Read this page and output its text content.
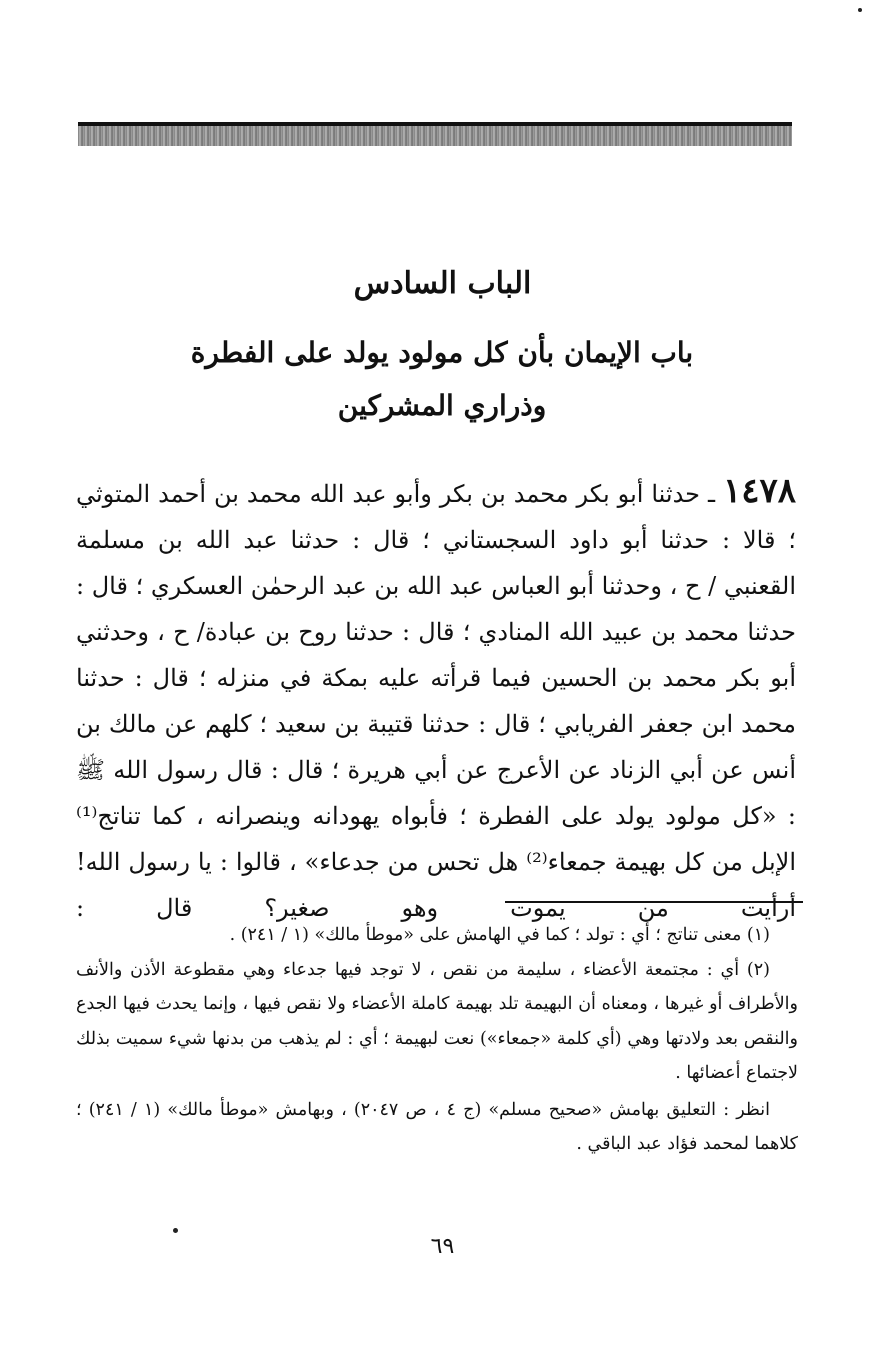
الباب السادس
باب الإيمان بأن كل مولود يولد على الفطرة
وذراري المشركين
١٤٧٨ ـ حدثنا أبو بكر محمد بن بكر وأبو عبد الله محمد بن أحمد المتوثي ؛ قالا : حدثنا أبو داود السجستاني ؛ قال : حدثنا عبد الله بن مسلمة القعنبي / ح ، وحدثنا أبو العباس عبد الله بن عبد الرحمٰن العسكري ؛ قال : حدثنا محمد بن عبيد الله المنادي ؛ قال : حدثنا روح بن عبادة/ ح ، وحدثني أبو بكر محمد بن الحسين فيما قرأته عليه بمكة في منزله ؛ قال : حدثنا محمد ابن جعفر الفريابي ؛ قال : حدثنا قتيبة بن سعيد ؛ كلهم عن مالك بن أنس عن أبي الزناد عن الأعرج عن أبي هريرة ؛ قال : قال رسول الله ﷺ : «كل مولود يولد على الفطرة ؛ فأبواه يهودانه وينصرانه ، كما تناتج⁽¹⁾ الإبل من كل بهيمة جمعاء⁽²⁾ هل تحس من جدعاء» ، قالوا : يا رسول الله! أرأيت من يموت وهو صغير؟ قال :

(١) معنى تناتج ؛ أي : تولد ؛ كما في الهامش على «موطأ مالك» (١ / ٢٤١) .

(٢) أي : مجتمعة الأعضاء ، سليمة من نقص ، لا توجد فيها جدعاء وهي مقطوعة الأذن والأنف والأطراف أو غيرها ، ومعناه أن البهيمة تلد بهيمة كاملة الأعضاء ولا نقص فيها ، وإنما يحدث فيها الجدع والنقص بعد ولادتها وهي (أي كلمة «جمعاء») نعت لبهيمة ؛ أي : لم يذهب من بدنها شيء سميت بذلك لاجتماع أعضائها .

انظر : التعليق بهامش «صحيح مسلم» (ج ٤ ، ص ٢٠٤٧) ، وبهامش «موطأ مالك» (١ / ٢٤١) ؛ كلاهما لمحمد فؤاد عبد الباقي .

٦٩
